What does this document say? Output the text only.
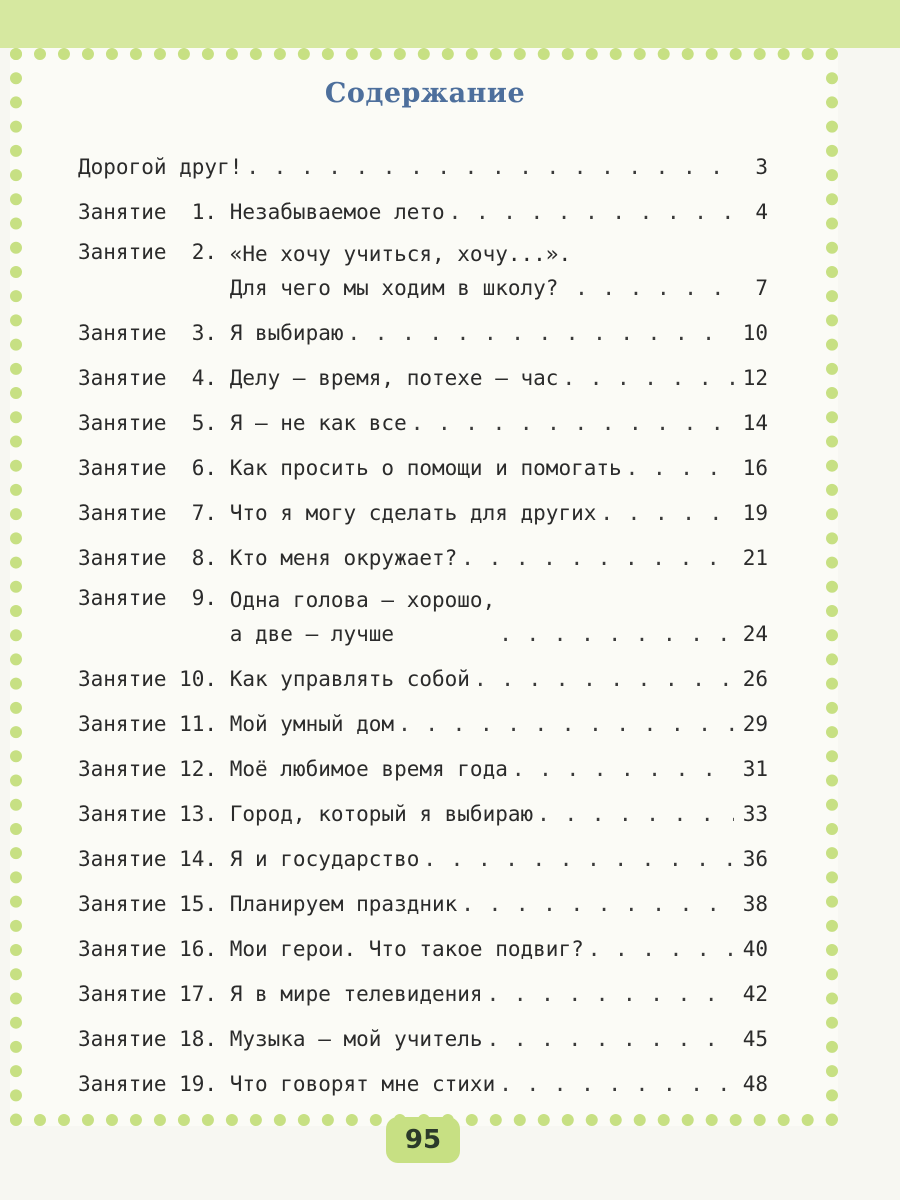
Содержание
Дорогой друг! . . .	3
Занятие  1. Незабываемое лето . . .	4
Занятие  2. «Не хочу учиться, хочу...».
Для чего мы ходим в школу? . . .	7
Занятие  3. Я выбираю . . .	10
Занятие  4. Делу — время, потехе — час . . .	12
Занятие  5. Я — не как все . . .	14
Занятие  6. Как просить о помощи и помогать . . .	16
Занятие  7. Что я могу сделать для других . . .	19
Занятие  8. Кто меня окружает? . . .	21
Занятие  9. Одна голова — хорошо,
а две — лучше . . .	24
Занятие 10. Как управлять собой . . .	26
Занятие 11. Мой умный дом . . .	29
Занятие 12. Моё любимое время года . . .	31
Занятие 13. Город, который я выбираю . . .	33
Занятие 14. Я и государство . . .	36
Занятие 15. Планируем праздник . . .	38
Занятие 16. Мои герои. Что такое подвиг? . . .	40
Занятие 17. Я в мире телевидения . . .	42
Занятие 18. Музыка — мой учитель . . .	45
Занятие 19. Что говорят мне стихи . . .	48
95
